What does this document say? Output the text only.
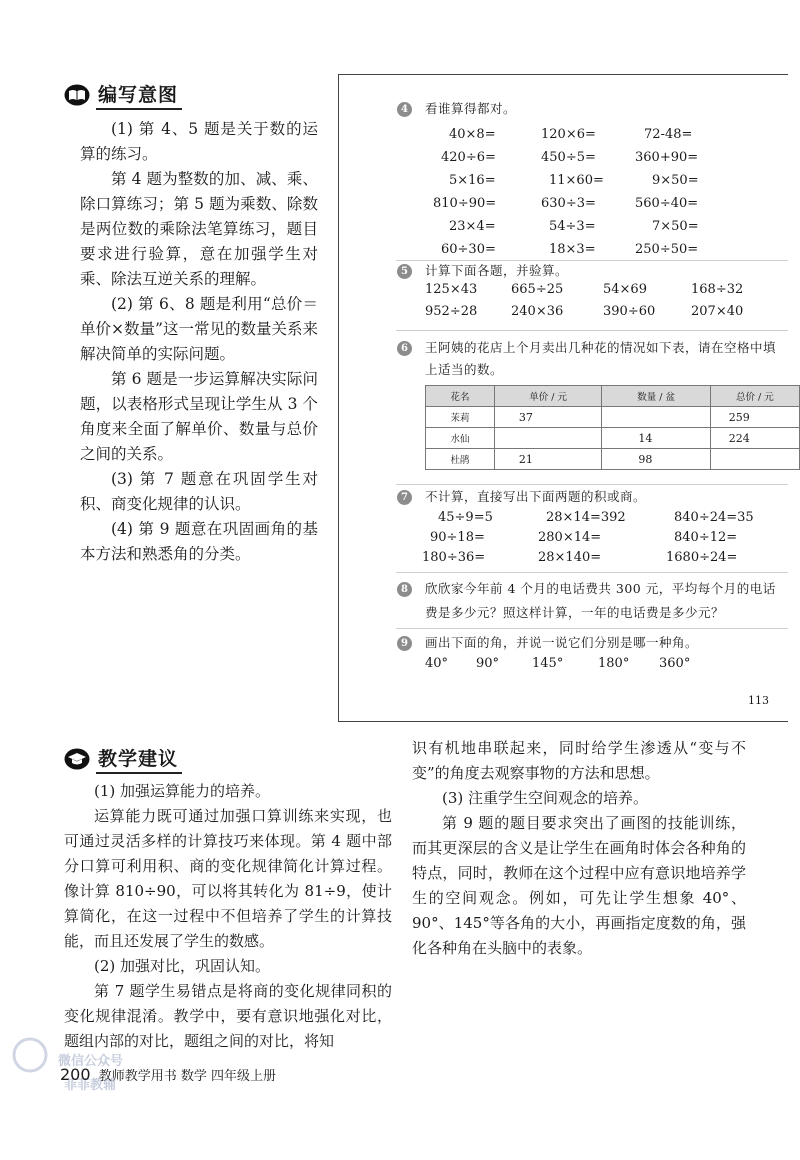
编写意图

(1) 第 4、5 题是关于数的运算的练习。

第 4 题为整数的加、减、乘、除口算练习；第 5 题为乘数、除数是两位数的乘除法笔算练习，题目要求进行验算，意在加强学生对乘、除法互逆关系的理解。

(2) 第 6、8 题是利用“总价＝单价×数量”这一常见的数量关系来解决简单的实际问题。

第 6 题是一步运算解决实际问题，以表格形式呈现让学生从 3 个角度来全面了解单价、数量与总价之间的关系。

(3) 第 7 题意在巩固学生对积、商变化规律的认识。

(4) 第 9 题意在巩固画角的基本方法和熟悉角的分类。

4	看谁算得都对。
40×8=	120×6=	72-48=
420÷6=	450÷5=	360+90=
5×16=	11×60=	9×50=
810÷90=	630÷3=	560÷40=
23×4=	54÷3=	7×50=
60÷30=	18×3=	250÷50=
5	计算下面各题，并验算。
125×43	665÷25	54×69	168÷32
952÷28	240×36	390÷60	207×40
6	王阿姨的花店上个月卖出几种花的情况如下表，请在空格中填
上适当的数。
花名	单价 / 元	数量 / 盆	总价 / 元
茉莉	37		259
水仙		14	224
杜鹃	21	98	
7	不计算，直接写出下面两题的积或商。
45÷9=5	28×14=392	840÷24=35
90÷18=	280×14=	840÷12=
180÷36=	28×140=	1680÷24=
8	欣欣家今年前 4 个月的电话费共 300 元，平均每个月的电话
费是多少元？照这样计算，一年的电话费是多少元？
9	画出下面的角，并说一说它们分别是哪一种角。
40° 90°	145°	180° 360°
113
教学建议

(1) 加强运算能力的培养。

运算能力既可通过加强口算训练来实现，也可通过灵活多样的计算技巧来体现。第 4 题中部分口算可利用积、商的变化规律简化计算过程。像计算 810÷90，可以将其转化为 81÷9，使计算简化，在这一过程中不但培养了学生的计算技能，而且还发展了学生的数感。

(2) 加强对比，巩固认知。

第 7 题学生易错点是将商的变化规律同积的变化规律混淆。教学中，要有意识地强化对比，题组内部的对比，题组之间的对比，将知

识有机地串联起来，同时给学生渗透从“变与不变”的角度去观察事物的方法和思想。

(3) 注重学生空间观念的培养。

第 9 题的题目要求突出了画图的技能训练，而其更深层的含义是让学生在画角时体会各种角的特点，同时，教师在这个过程中应有意识地培养学生的空间观念。例如，可先让学生想象 40°、90°、145°等各角的大小，再画指定度数的角，强化各种角在头脑中的表象。

微信公众号
菲菲教辅
200 教师教学用书 数学 四年级上册
